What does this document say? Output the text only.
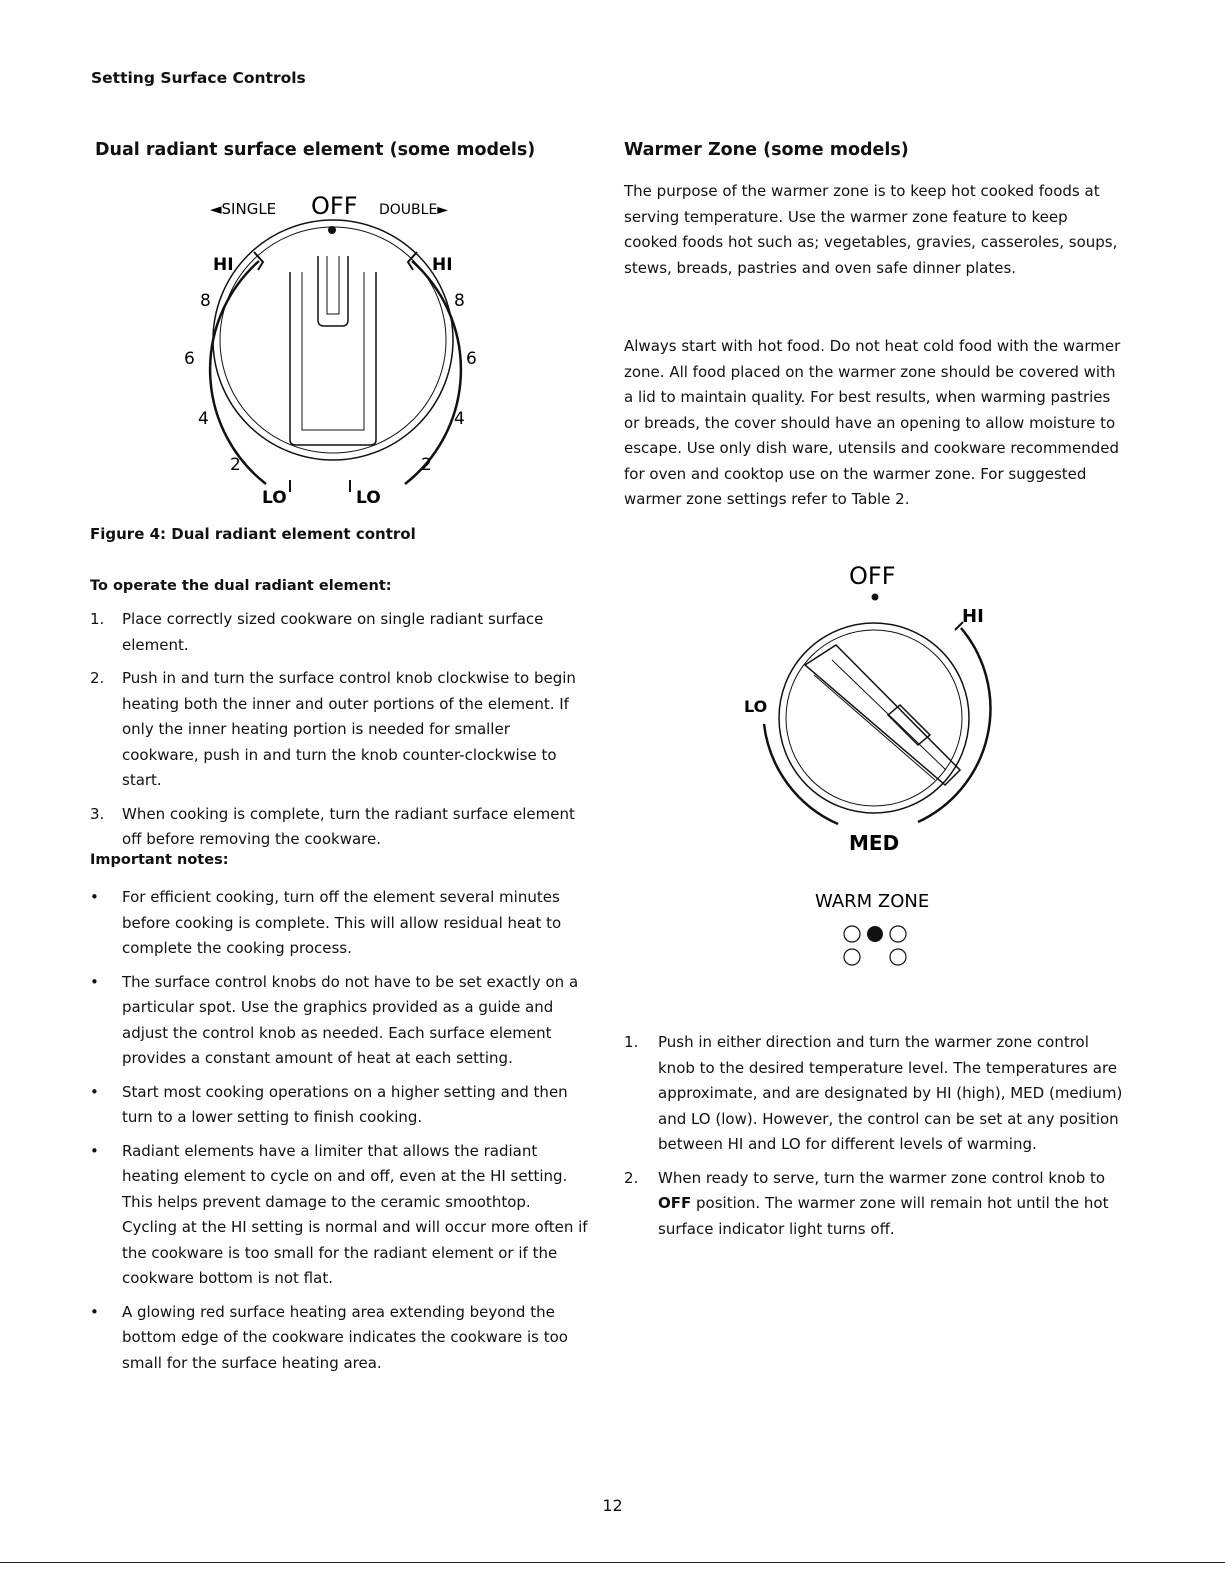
Setting Surface Controls
Dual radiant surface element (some models)
◄SINGLE OFF DOUBLE►
HI
8
6
4
2
LO
HI
8
6
4
2
LO
Figure 4: Dual radiant element control
To operate the dual radiant element:
1. Place correctly sized cookware on single radiant surface element.
2. Push in and turn the surface control knob clockwise to begin heating both the inner and outer portions of the element. If only the inner heating portion is needed for smaller cookware, push in and turn the knob counter-clockwise to start.
3. When cooking is complete, turn the radiant surface element off before removing the cookware.
Important notes:
• For efficient cooking, turn off the element several minutes before cooking is complete. This will allow residual heat to complete the cooking process.
• The surface control knobs do not have to be set exactly on a particular spot. Use the graphics provided as a guide and adjust the control knob as needed. Each surface element provides a constant amount of heat at each setting.
• Start most cooking operations on a higher setting and then turn to a lower setting to finish cooking.
• Radiant elements have a limiter that allows the radiant heating element to cycle on and off, even at the HI setting. This helps prevent damage to the ceramic smoothtop. Cycling at the HI setting is normal and will occur more often if the cookware is too small for the radiant element or if the cookware bottom is not flat.
• A glowing red surface heating area extending beyond the bottom edge of the cookware indicates the cookware is too small for the surface heating area.
Warmer Zone (some models)
The purpose of the warmer zone is to keep hot cooked foods at serving temperature. Use the warmer zone feature to keep cooked foods hot such as; vegetables, gravies, casseroles, soups, stews, breads, pastries and oven safe dinner plates.
Always start with hot food. Do not heat cold food with the warmer zone. All food placed on the warmer zone should be covered with a lid to maintain quality. For best results, when warming pastries or breads, the cover should have an opening to allow moisture to escape. Use only dish ware, utensils and cookware recommended for oven and cooktop use on the warmer zone. For suggested warmer zone settings refer to Table 2.
OFF
HI
LO
MED
WARM ZONE
1. Push in either direction and turn the warmer zone control knob to the desired temperature level. The temperatures are approximate, and are designated by HI (high), MED (medium) and LO (low). However, the control can be set at any position between HI and LO for different levels of warming.
2. When ready to serve, turn the warmer zone control knob to OFF position. The warmer zone will remain hot until the hot surface indicator light turns off.
12
